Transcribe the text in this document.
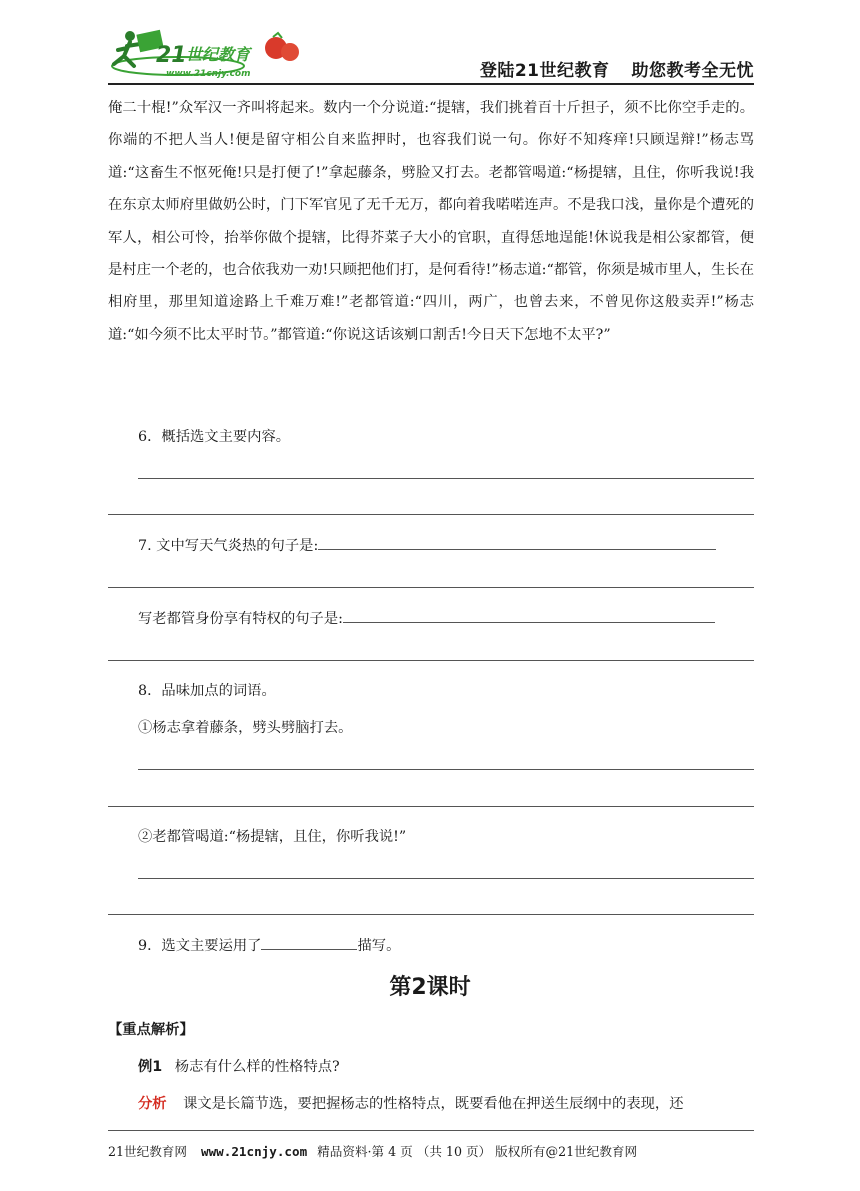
21 世纪教育
www.21cnjy.com	登陆21世纪教育 助您教考全无忧

俺二十棍!”众军汉一齐叫将起来。数内一个分说道:“提辖，我们挑着百十斤担子，须不比你空手走的。你端的不把人当人!便是留守相公自来监押时，也容我们说一句。你好不知疼痒!只顾逞辩!”杨志骂道:“这畜生不怄死俺!只是打便了!”拿起藤条，劈脸又打去。老都管喝道:“杨提辖，且住，你听我说!我在东京太师府里做奶公时，门下军官见了无千无万，都向着我喏喏连声。不是我口浅，量你是个遭死的军人，相公可怜，抬举你做个提辖，比得芥菜子大小的官职，直得恁地逞能!休说我是相公家都管，便是村庄一个老的，也合依我劝一劝!只顾把他们打，是何看待!”杨志道:“都管，你须是城市里人，生长在相府里，那里知道途路上千难万难!”老都管道:“四川，两广，也曾去来，不曾见你这般卖弄!”杨志道:“如今须不比太平时节。”都管道:“你说这话该剜口割舌!今日天下怎地不太平?”

6．概括选文主要内容。
7. 文中写天气炎热的句子是:
写老都管身份享有特权的句子是:
8．品味加点的词语。
①杨志拿着藤条，劈头劈脑打去。
②老都管喝道:“杨提辖，且住，你听我说!”
9．选文主要运用了	描写。
第2课时
【重点解析】
例1 杨志有什么样的性格特点?
分析 课文是长篇节选，要把握杨志的性格特点，既要看他在押送生辰纲中的表现，还
21世纪教育网 www.21cnjy.com 精品资料·第 4 页 （共 10 页） 版权所有@21世纪教育网
